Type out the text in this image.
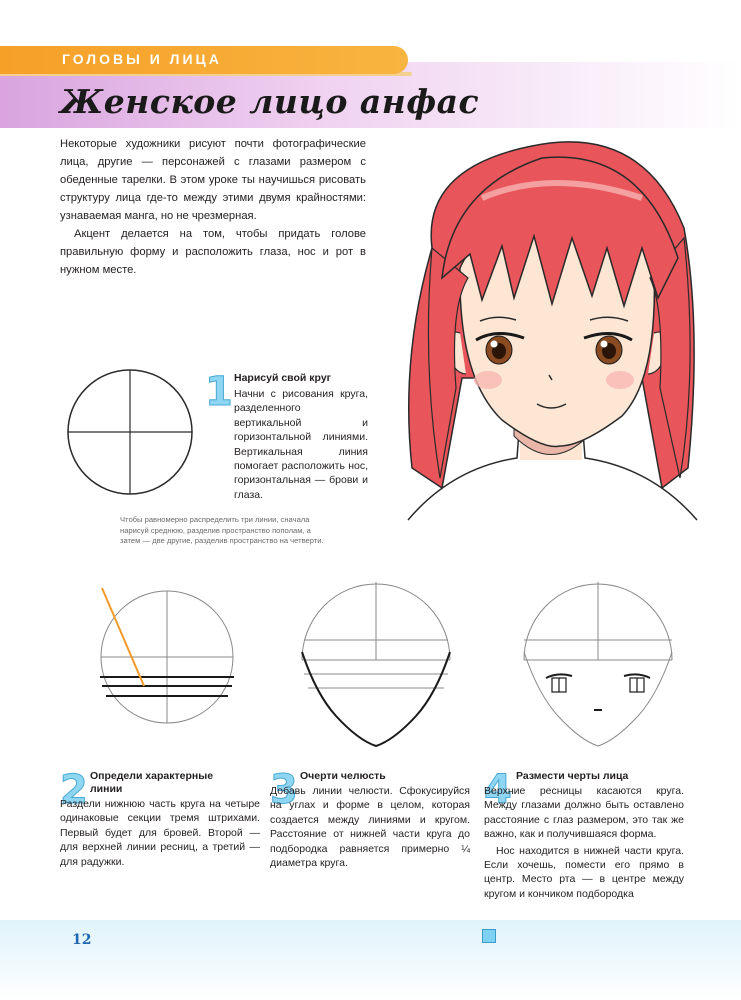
ГОЛОВЫ И ЛИЦА
Женское лицо анфас

Некоторые художники рисуют почти фотографические лица, другие — персонажей с глазами размером с обеденные тарелки. В этом уроке ты научишься рисовать структуру лица где-то между этими двумя крайностями: узнаваемая манга, но не чрезмерная.

Акцент делается на том, чтобы придать голове правильную форму и расположить глаза, нос и рот в нужном месте.

1 Нарисуй свой круг

Начни с рисования круга, разделенного вертикальной и горизонтальной линиями. Вертикальная линия помогает расположить нос, горизонтальная — брови и глаза.

Чтобы равномерно распределить три линии, сначала нарисуй среднюю, разделив пространство пополам, а затем — две другие, разделив пространство на четверти.
2 Определи характерные линии

Раздели нижнюю часть круга на четыре одинаковые секции тремя штрихами. Первый будет для бровей. Второй — для верхней линии ресниц, а третий — для радужки.

3 Очерти челюсть

Добавь линии челюсти. Сфокусируйся на углах и форме в целом, которая создается между линиями и кругом. Расстояние от нижней части круга до подбородка равняется примерно ¼ диаметра круга.

4 Размести черты лица

Верхние ресницы касаются круга. Между глазами должно быть оставлено расстояние с глаз размером, это так же важно, как и получившаяся форма.

Нос находится в нижней части круга. Если хочешь, помести его прямо в центр. Место рта — в центре между кругом и кончиком подбородка

12
